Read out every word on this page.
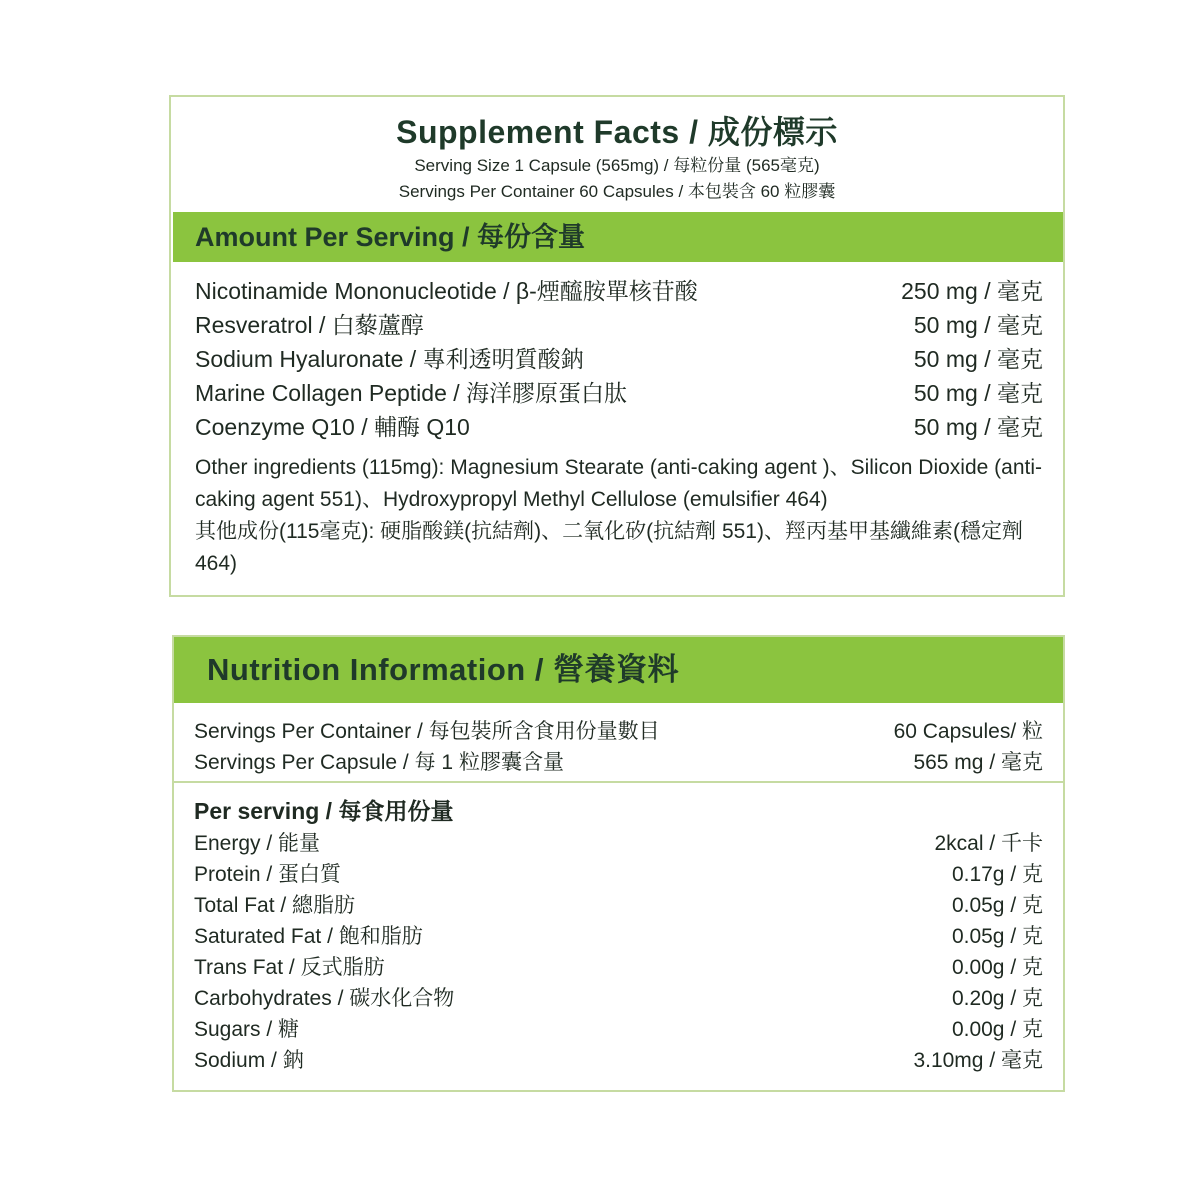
Supplement Facts / 成份標示
Serving Size 1 Capsule (565mg) / 每粒份量 (565毫克)
Servings Per Container 60 Capsules / 本包裝含 60 粒膠囊
Amount Per Serving / 每份含量
Nicotinamide Mononucleotide / β-煙醯胺單核苷酸	250 mg / 毫克
Resveratrol / 白藜蘆醇	50 mg / 毫克
Sodium Hyaluronate / 專利透明質酸鈉	50 mg / 毫克
Marine Collagen Peptide / 海洋膠原蛋白肽	50 mg / 毫克
Coenzyme Q10 / 輔酶 Q10	50 mg / 毫克

Other ingredients (115mg): Magnesium Stearate (anti-caking agent )、Silicon Dioxide (anti-caking agent 551)、Hydroxypropyl Methyl Cellulose (emulsifier 464)

其他成份(115毫克): 硬脂酸鎂(抗結劑)、二氧化矽(抗結劑 551)、羥丙基甲基纖維素(穩定劑 464)

Nutrition Information / 營養資料
Servings Per Container / 每包裝所含食用份量數目	60 Capsules/ 粒
Servings Per Capsule / 每 1 粒膠囊含量	565 mg / 毫克
Per serving / 每食用份量
Energy / 能量	2kcal / 千卡
Protein / 蛋白質	0.17g / 克
Total Fat / 總脂肪	0.05g / 克
Saturated Fat / 飽和脂肪	0.05g / 克
Trans Fat / 反式脂肪	0.00g / 克
Carbohydrates / 碳水化合物	0.20g / 克
Sugars / 糖	0.00g / 克
Sodium / 鈉	3.10mg / 毫克
